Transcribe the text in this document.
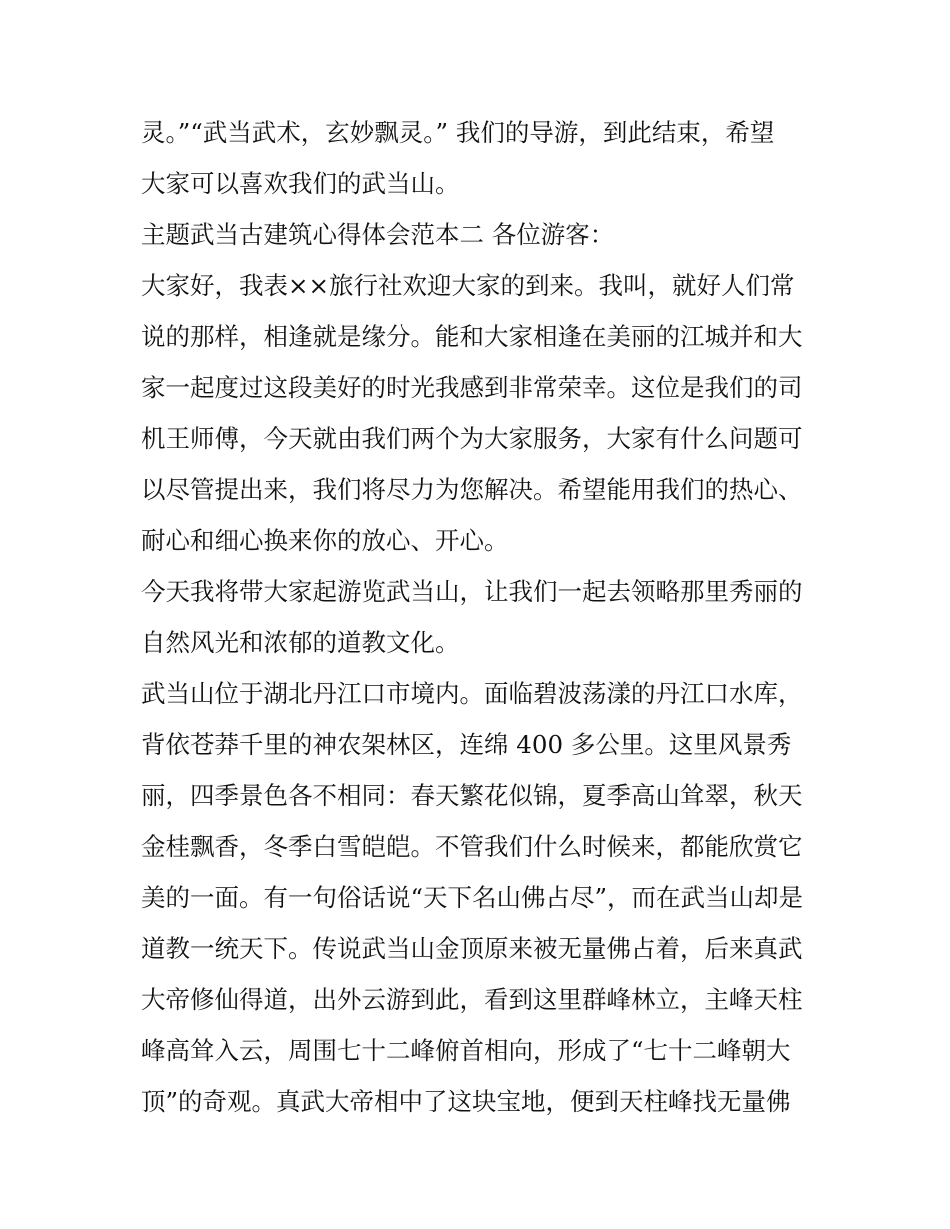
灵。”“武当武术，玄妙飘灵。” 我们的导游，到此结束，希望
大家可以喜欢我们的武当山。
主题武当古建筑心得体会范本二 各位游客：
大家好，我表××旅行社欢迎大家的到来。我叫，就好人们常
说的那样，相逢就是缘分。能和大家相逢在美丽的江城并和大
家一起度过这段美好的时光我感到非常荣幸。这位是我们的司
机王师傅，今天就由我们两个为大家服务，大家有什么问题可
以尽管提出来，我们将尽力为您解决。希望能用我们的热心、
耐心和细心换来你的放心、开心。
今天我将带大家起游览武当山，让我们一起去领略那里秀丽的
自然风光和浓郁的道教文化。
武当山位于湖北丹江口市境内。面临碧波荡漾的丹江口水库，
背依苍莽千里的神农架林区，连绵 400 多公里。这里风景秀
丽，四季景色各不相同：春天繁花似锦，夏季高山耸翠，秋天
金桂飘香，冬季白雪皑皑。不管我们什么时候来，都能欣赏它
美的一面。有一句俗话说“天下名山佛占尽”，而在武当山却是
道教一统天下。传说武当山金顶原来被无量佛占着，后来真武
大帝修仙得道，出外云游到此，看到这里群峰林立，主峰天柱
峰高耸入云，周围七十二峰俯首相向，形成了“七十二峰朝大
顶”的奇观。真武大帝相中了这块宝地，便到天柱峰找无量佛
